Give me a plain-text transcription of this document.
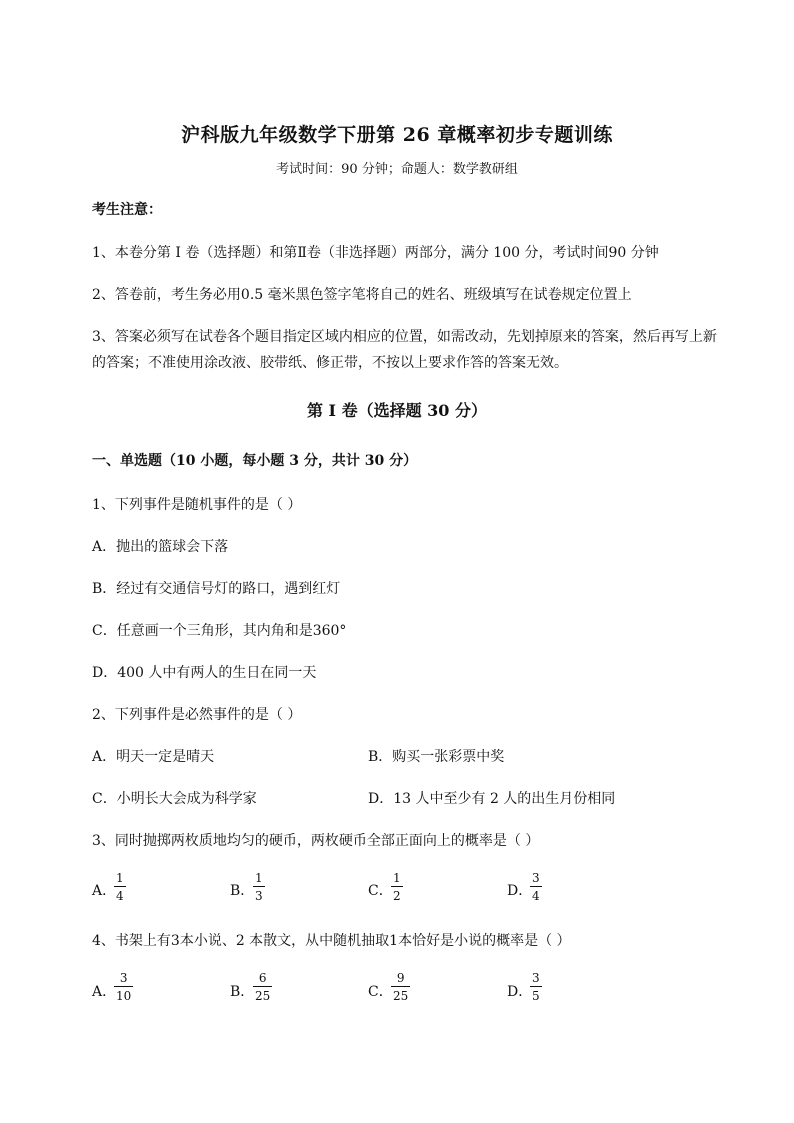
沪科版九年级数学下册第 26 章概率初步专题训练
考试时间：90 分钟；命题人：数学教研组
考生注意：
1、本卷分第 I 卷（选择题）和第Ⅱ卷（非选择题）两部分，满分 100 分，考试时间90 分钟
2、答卷前，考生务必用0.5 毫米黑色签字笔将自己的姓名、班级填写在试卷规定位置上
3、答案必须写在试卷各个题目指定区域内相应的位置，如需改动，先划掉原来的答案，然后再写上新
的答案；不准使用涂改液、胶带纸、修正带，不按以上要求作答的答案无效。
第 I 卷（选择题 30 分）
一、单选题（10 小题，每小题 3 分，共计 30 分）
1、下列事件是随机事件的是（ ）
A．抛出的篮球会下落
B．经过有交通信号灯的路口，遇到红灯
C．任意画一个三角形，其内角和是360°
D．400 人中有两人的生日在同一天
2、下列事件是必然事件的是（ ）
A．明天一定是晴天	B．购买一张彩票中奖
C．小明长大会成为科学家	D．13 人中至少有 2 人的出生月份相同
3、同时抛掷两枚质地均匀的硬币，两枚硬币全部正面向上的概率是（ ）
A．
1
4	B．
1
3	C．
1
2	D．
3
4
4、书架上有3本小说、2 本散文，从中随机抽取1本恰好是小说的概率是（ ）
A．
3
10	B．
6
25	C．
9
25	D．
3
5
